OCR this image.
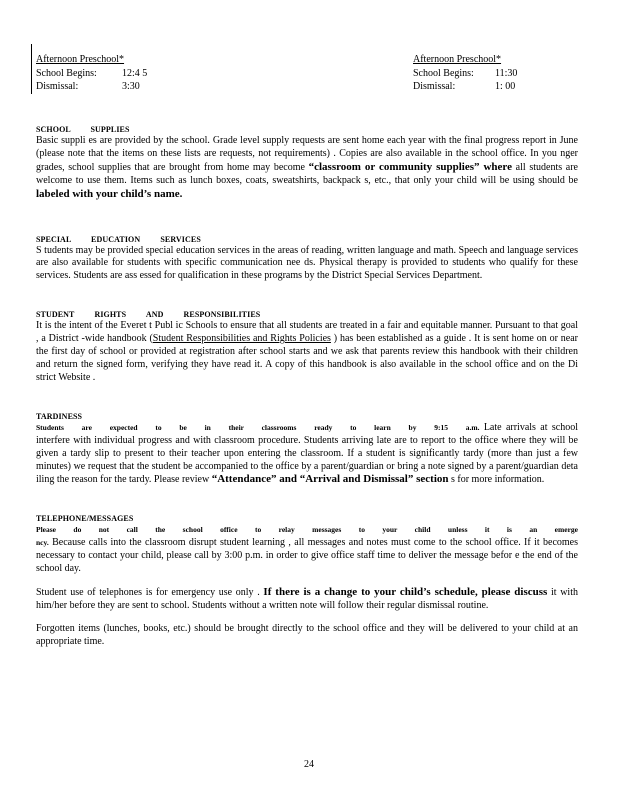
Afternoon Preschool*
School Begins:	12:4 5
Dismissal:	3:30
Afternoon Preschool*
School Begins:	11:30
Dismissal:	1: 00
SCHOOL SUPPLIES

Basic suppli es are provided by the school. Grade level supply requests are sent home each year with the final progress report in June (please note that the items on these lists are requests, not requirements) . Copies are also available in the school office. In you nger grades, school supplies that are brought from home may become “classroom or community supplies” where all students are welcome to use them. Items such as lunch boxes, coats, sweatshirts, backpack s, etc., that only your child will be using should be labeled with your child’s name.

SPECIAL EDUCATION SERVICES

S tudents may be provided special education services in the areas of reading, written language and math. Speech and language services are also available for students with specific communication nee ds. Physical therapy is provided to students who qualify for these services. Students are ass essed for qualification in these programs by the District Special Services Department.

STUDENT RIGHTS AND RESPONSIBILITIES

It is the intent of the Everet t Publ ic Schools to ensure that all students are treated in a fair and equitable manner. Pursuant to that goal , a District -wide handbook (Student Responsibilities and Rights Policies ) has been established as a guide . It is sent home on or near the first day of school or provided at registration after school starts and we ask that parents review this handbook with their children and return the signed form, verifying they have read it. A copy of this handbook is also available in the school office and on the Di strict Website .

TARDINESS

Students are expected to be in their classrooms ready to learn by 9:15 a.m. Late arrivals at school interfere with individual progress and with classroom procedure. Students arriving late are to report to the office where they will be given a tardy slip to present to their teacher upon entering the classroom. If a student is significantly tardy (more than just a few minutes) we request that the student be accompanied to the office by a parent/guardian or bring a note signed by a parent/guardian deta iling the reason for the tardy. Please review “Attendance” and “Arrival and Dismissal” section s for more information.

TELEPHONE/MESSAGES

Please do not call the school office to relay messages to your child unless it is an emerge ncy. Because calls into the classroom disrupt student learning , all messages and notes must come to the school office. If it becomes necessary to contact your child, please call by 3:00 p.m. in order to give office staff time to deliver the message befor e the end of the school day.

Student use of telephones is for emergency use only . If there is a change to your child’s schedule, please discuss it with him/her before they are sent to school. Students without a written note will follow their regular dismissal routine.

Forgotten items (lunches, books, etc.) should be brought directly to the school office and they will be delivered to your child at an appropriate time.

24
